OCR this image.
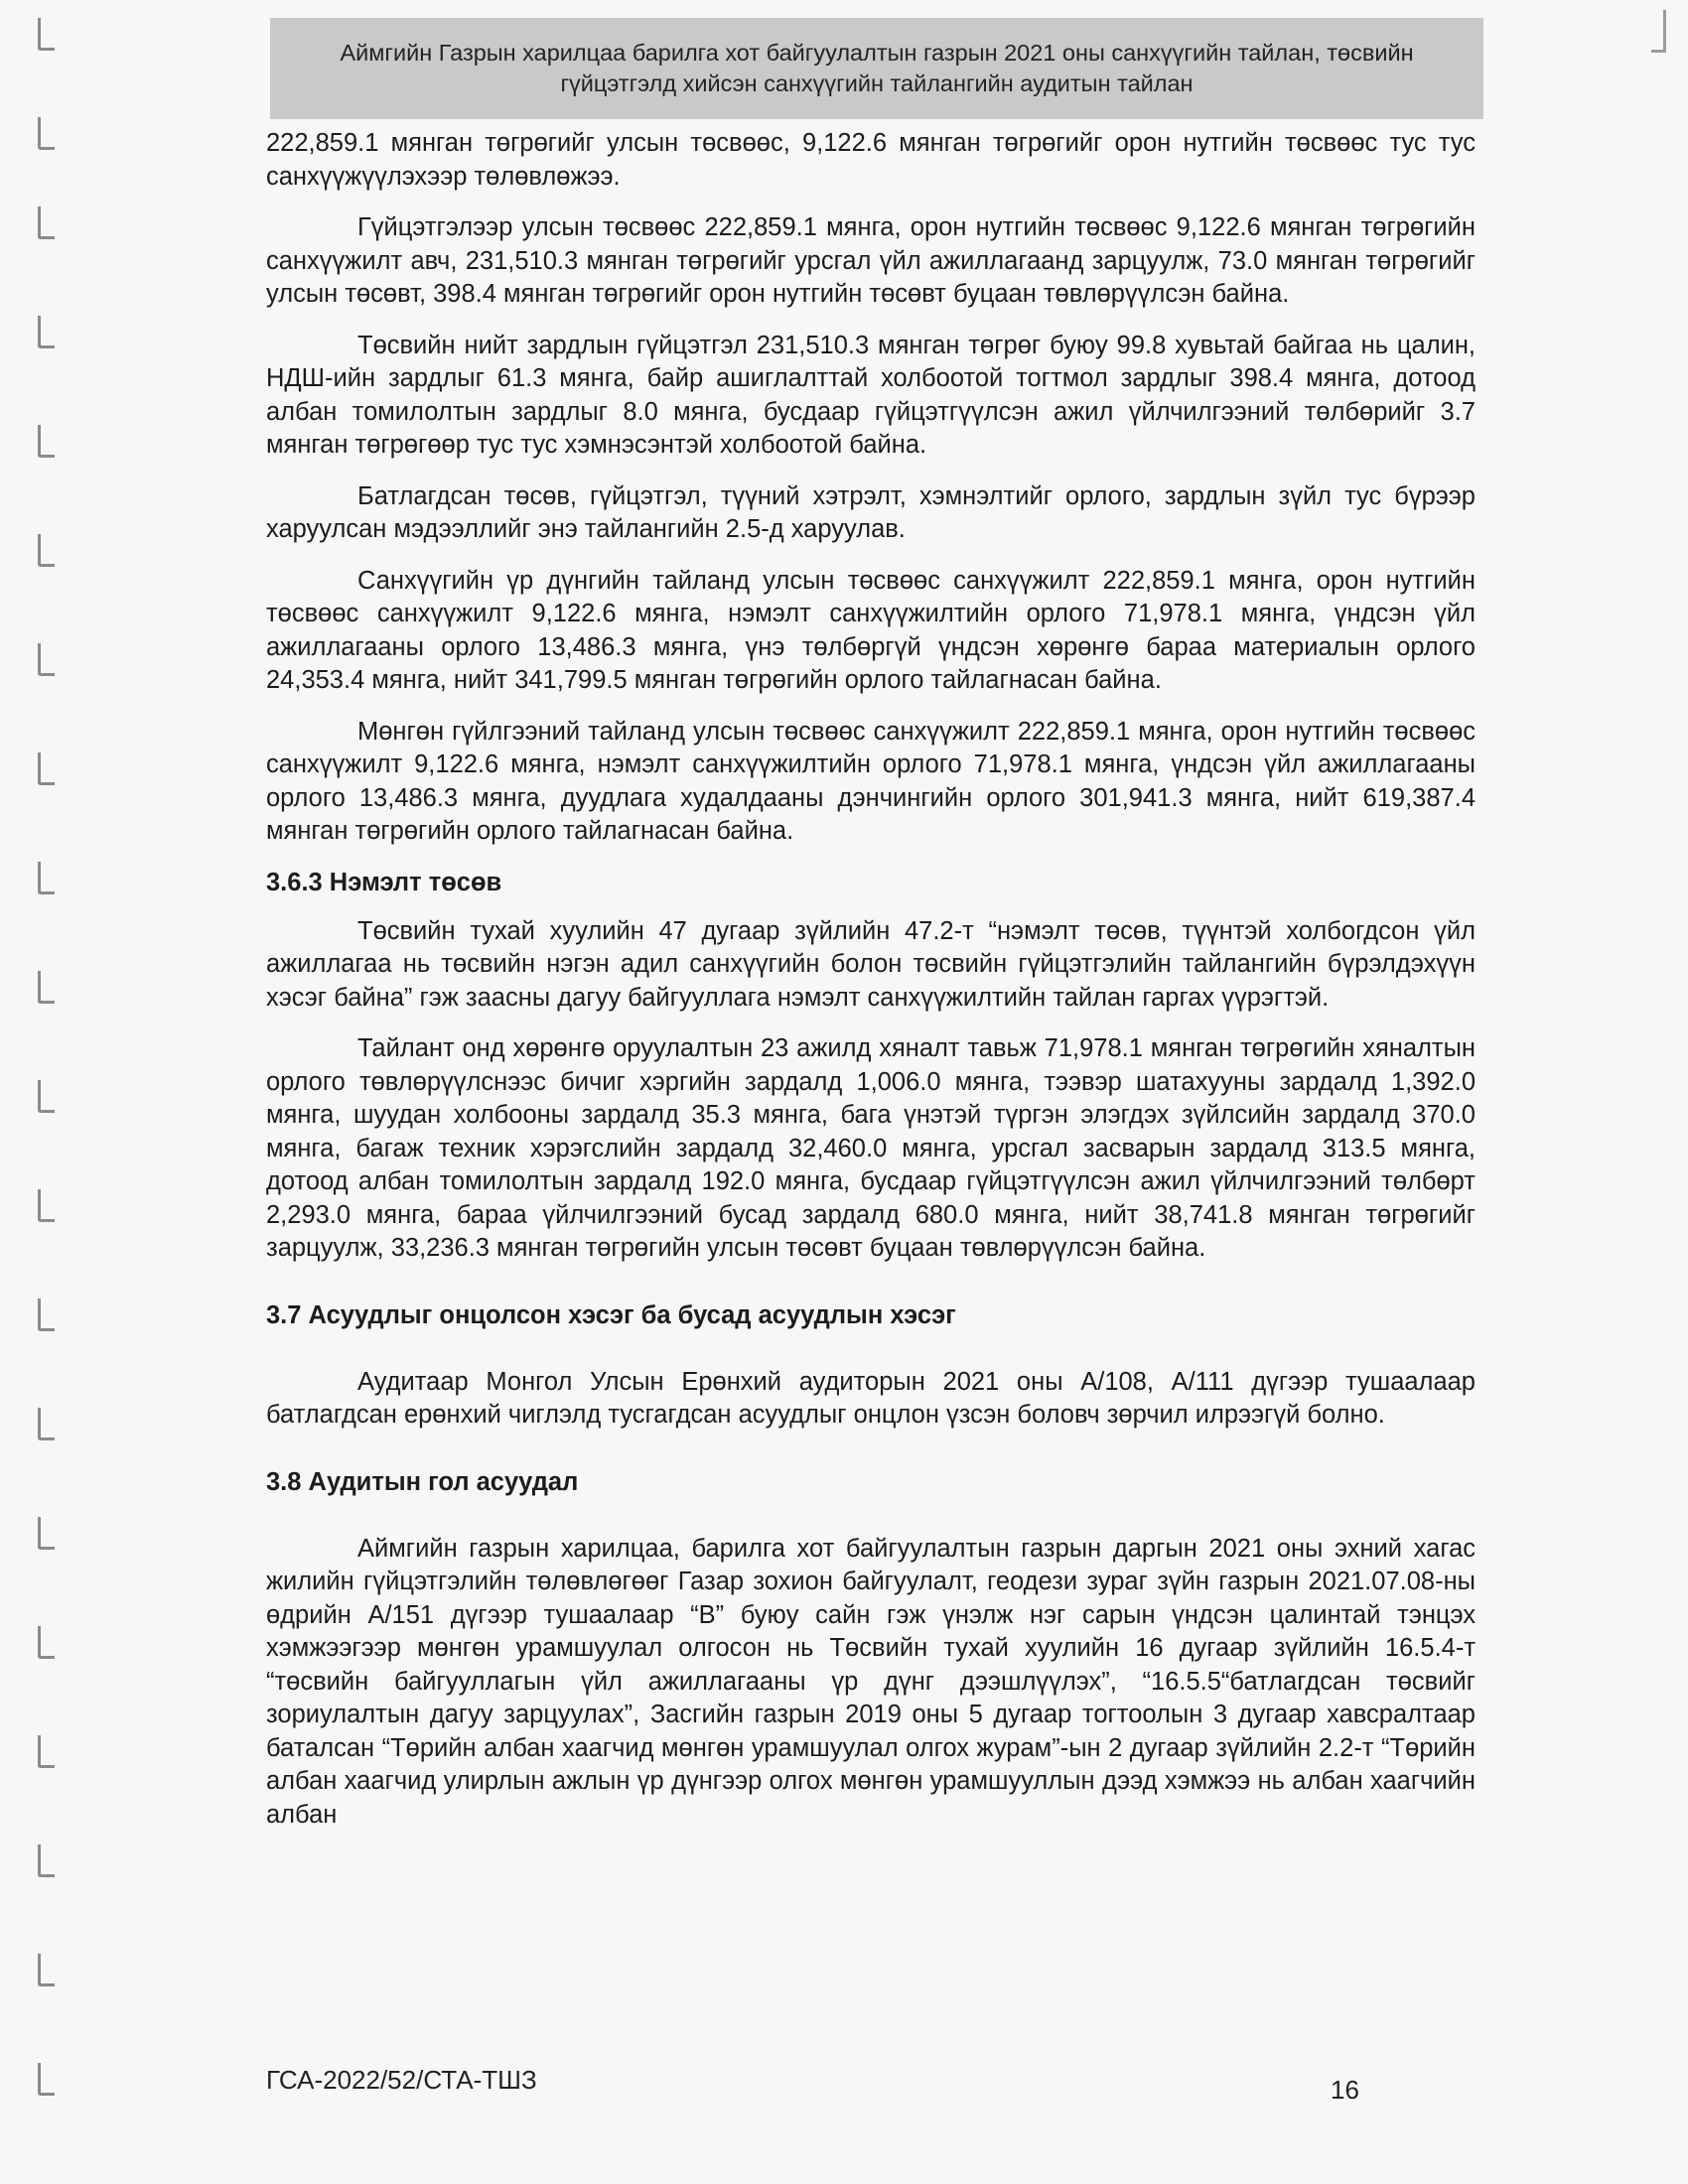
Аймгийн Газрын харилцаа барилга хот байгуулалтын газрын 2021 оны санхүүгийн тайлан, төсвийн
гүйцэтгэлд хийсэн санхүүгийн тайлангийн аудитын тайлан

222,859.1 мянган төгрөгийг улсын төсвөөс, 9,122.6 мянган төгрөгийг орон нутгийн төсвөөс тус тус санхүүжүүлэхээр төлөвлөжээ.

Гүйцэтгэлээр улсын төсвөөс 222,859.1 мянга, орон нутгийн төсвөөс 9,122.6 мянган төгрөгийн санхүүжилт авч, 231,510.3 мянган төгрөгийг урсгал үйл ажиллагаанд зарцуулж, 73.0 мянган төгрөгийг улсын төсөвт, 398.4 мянган төгрөгийг орон нутгийн төсөвт буцаан төвлөрүүлсэн байна.

Төсвийн нийт зардлын гүйцэтгэл 231,510.3 мянган төгрөг буюу 99.8 хувьтай байгаа нь цалин, НДШ-ийн зардлыг 61.3 мянга, байр ашиглалттай холбоотой тогтмол зардлыг 398.4 мянга, дотоод албан томилолтын зардлыг 8.0 мянга, бусдаар гүйцэтгүүлсэн ажил үйлчилгээний төлбөрийг 3.7 мянган төгрөгөөр тус тус хэмнэсэнтэй холбоотой байна.

Батлагдсан төсөв, гүйцэтгэл, түүний хэтрэлт, хэмнэлтийг орлого, зардлын зүйл тус бүрээр харуулсан мэдээллийг энэ тайлангийн 2.5-д харуулав.

Санхүүгийн үр дүнгийн тайланд улсын төсвөөс санхүүжилт 222,859.1 мянга, орон нутгийн төсвөөс санхүүжилт 9,122.6 мянга, нэмэлт санхүүжилтийн орлого 71,978.1 мянга, үндсэн үйл ажиллагааны орлого 13,486.3 мянга, үнэ төлбөргүй үндсэн хөрөнгө бараа материалын орлого 24,353.4 мянга, нийт 341,799.5 мянган төгрөгийн орлого тайлагнасан байна.

Мөнгөн гүйлгээний тайланд улсын төсвөөс санхүүжилт 222,859.1 мянга, орон нутгийн төсвөөс санхүүжилт 9,122.6 мянга, нэмэлт санхүүжилтийн орлого 71,978.1 мянга, үндсэн үйл ажиллагааны орлого 13,486.3 мянга, дуудлага худалдааны дэнчингийн орлого 301,941.3 мянга, нийт 619,387.4 мянган төгрөгийн орлого тайлагнасан байна.

3.6.3 Нэмэлт төсөв

Төсвийн тухай хуулийн 47 дугаар зүйлийн 47.2-т “нэмэлт төсөв, түүнтэй холбогдсон үйл ажиллагаа нь төсвийн нэгэн адил санхүүгийн болон төсвийн гүйцэтгэлийн тайлангийн бүрэлдэхүүн хэсэг байна” гэж заасны дагуу байгууллага нэмэлт санхүүжилтийн тайлан гаргах үүрэгтэй.

Тайлант онд хөрөнгө оруулалтын 23 ажилд хяналт тавьж 71,978.1 мянган төгрөгийн хяналтын орлого төвлөрүүлснээс бичиг хэргийн зардалд 1,006.0 мянга, тээвэр шатахууны зардалд 1,392.0 мянга, шуудан холбооны зардалд 35.3 мянга, бага үнэтэй түргэн элэгдэх зүйлсийн зардалд 370.0 мянга, багаж техник хэрэгслийн зардалд 32,460.0 мянга, урсгал засварын зардалд 313.5 мянга, дотоод албан томилолтын зардалд 192.0 мянга, бусдаар гүйцэтгүүлсэн ажил үйлчилгээний төлбөрт 2,293.0 мянга, бараа үйлчилгээний бусад зардалд 680.0 мянга, нийт 38,741.8 мянган төгрөгийг зарцуулж, 33,236.3 мянган төгрөгийн улсын төсөвт буцаан төвлөрүүлсэн байна.

3.7 Асуудлыг онцолсон хэсэг ба бусад асуудлын хэсэг

Аудитаар Монгол Улсын Ерөнхий аудиторын 2021 оны А/108, А/111 дүгээр тушаалаар батлагдсан ерөнхий чиглэлд тусгагдсан асуудлыг онцлон үзсэн боловч зөрчил илрээгүй болно.

3.8 Аудитын гол асуудал

Аймгийн газрын харилцаа, барилга хот байгуулалтын газрын даргын 2021 оны эхний хагас жилийн гүйцэтгэлийн төлөвлөгөөг Газар зохион байгуулалт, геодези зураг зүйн газрын 2021.07.08-ны өдрийн А/151 дүгээр тушаалаар “В” буюу сайн гэж үнэлж нэг сарын үндсэн цалинтай тэнцэх хэмжээгээр мөнгөн урамшуулал олгосон нь Төсвийн тухай хуулийн 16 дугаар зүйлийн 16.5.4-т “төсвийн байгууллагын үйл ажиллагааны үр дүнг дээшлүүлэх”, “16.5.5“батлагдсан төсвийг зориулалтын дагуу зарцуулах”, Засгийн газрын 2019 оны 5 дугаар тогтоолын 3 дугаар хавсралтаар баталсан “Төрийн албан хаагчид мөнгөн урамшуулал олгох журам”-ын 2 дугаар зүйлийн 2.2-т “Төрийн албан хаагчид улирлын ажлын үр дүнгээр олгох мөнгөн урамшууллын дээд хэмжээ нь албан хаагчийн албан

ГСА-2022/52/СТА-ТШЗ	16
